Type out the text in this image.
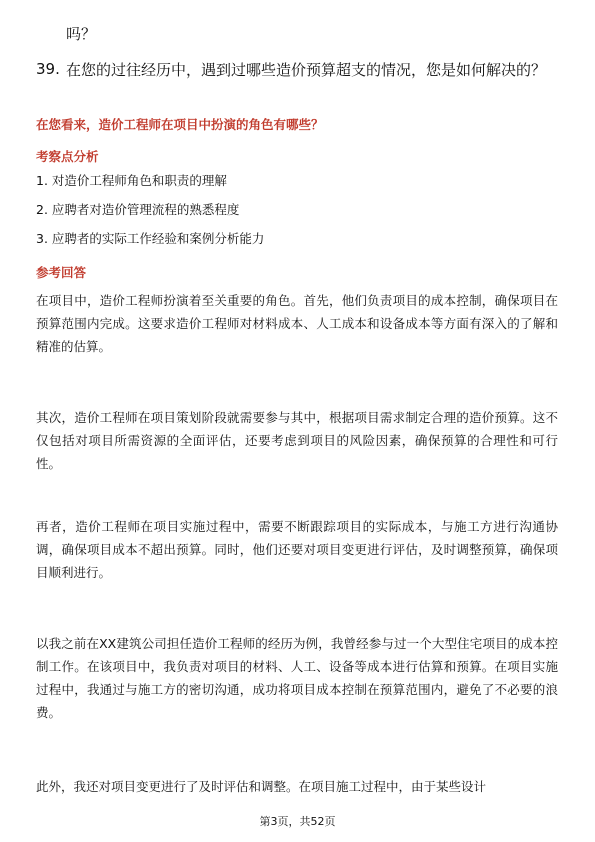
吗？
39. 在您的过往经历中，遇到过哪些造价预算超支的情况，您是如何解决的？
在您看来，造价工程师在项目中扮演的角色有哪些？
考察点分析
1. 对造价工程师角色和职责的理解
2. 应聘者对造价管理流程的熟悉程度
3. 应聘者的实际工作经验和案例分析能力
参考回答
在项目中，造价工程师扮演着至关重要的角色。首先，他们负责项目的成本控制，确保项目在预算范围内完成。这要求造价工程师对材料成本、人工成本和设备成本等方面有深入的了解和精准的估算。
其次，造价工程师在项目策划阶段就需要参与其中，根据项目需求制定合理的造价预算。这不仅包括对项目所需资源的全面评估，还要考虑到项目的风险因素，确保预算的合理性和可行性。
再者，造价工程师在项目实施过程中，需要不断跟踪项目的实际成本，与施工方进行沟通协调，确保项目成本不超出预算。同时，他们还要对项目变更进行评估，及时调整预算，确保项目顺利进行。
以我之前在XX建筑公司担任造价工程师的经历为例，我曾经参与过一个大型住宅项目的成本控制工作。在该项目中，我负责对项目的材料、人工、设备等成本进行估算和预算。在项目实施过程中，我通过与施工方的密切沟通，成功将项目成本控制在预算范围内，避免了不必要的浪费。
此外，我还对项目变更进行了及时评估和调整。在项目施工过程中，由于某些设计
第3页，共52页
